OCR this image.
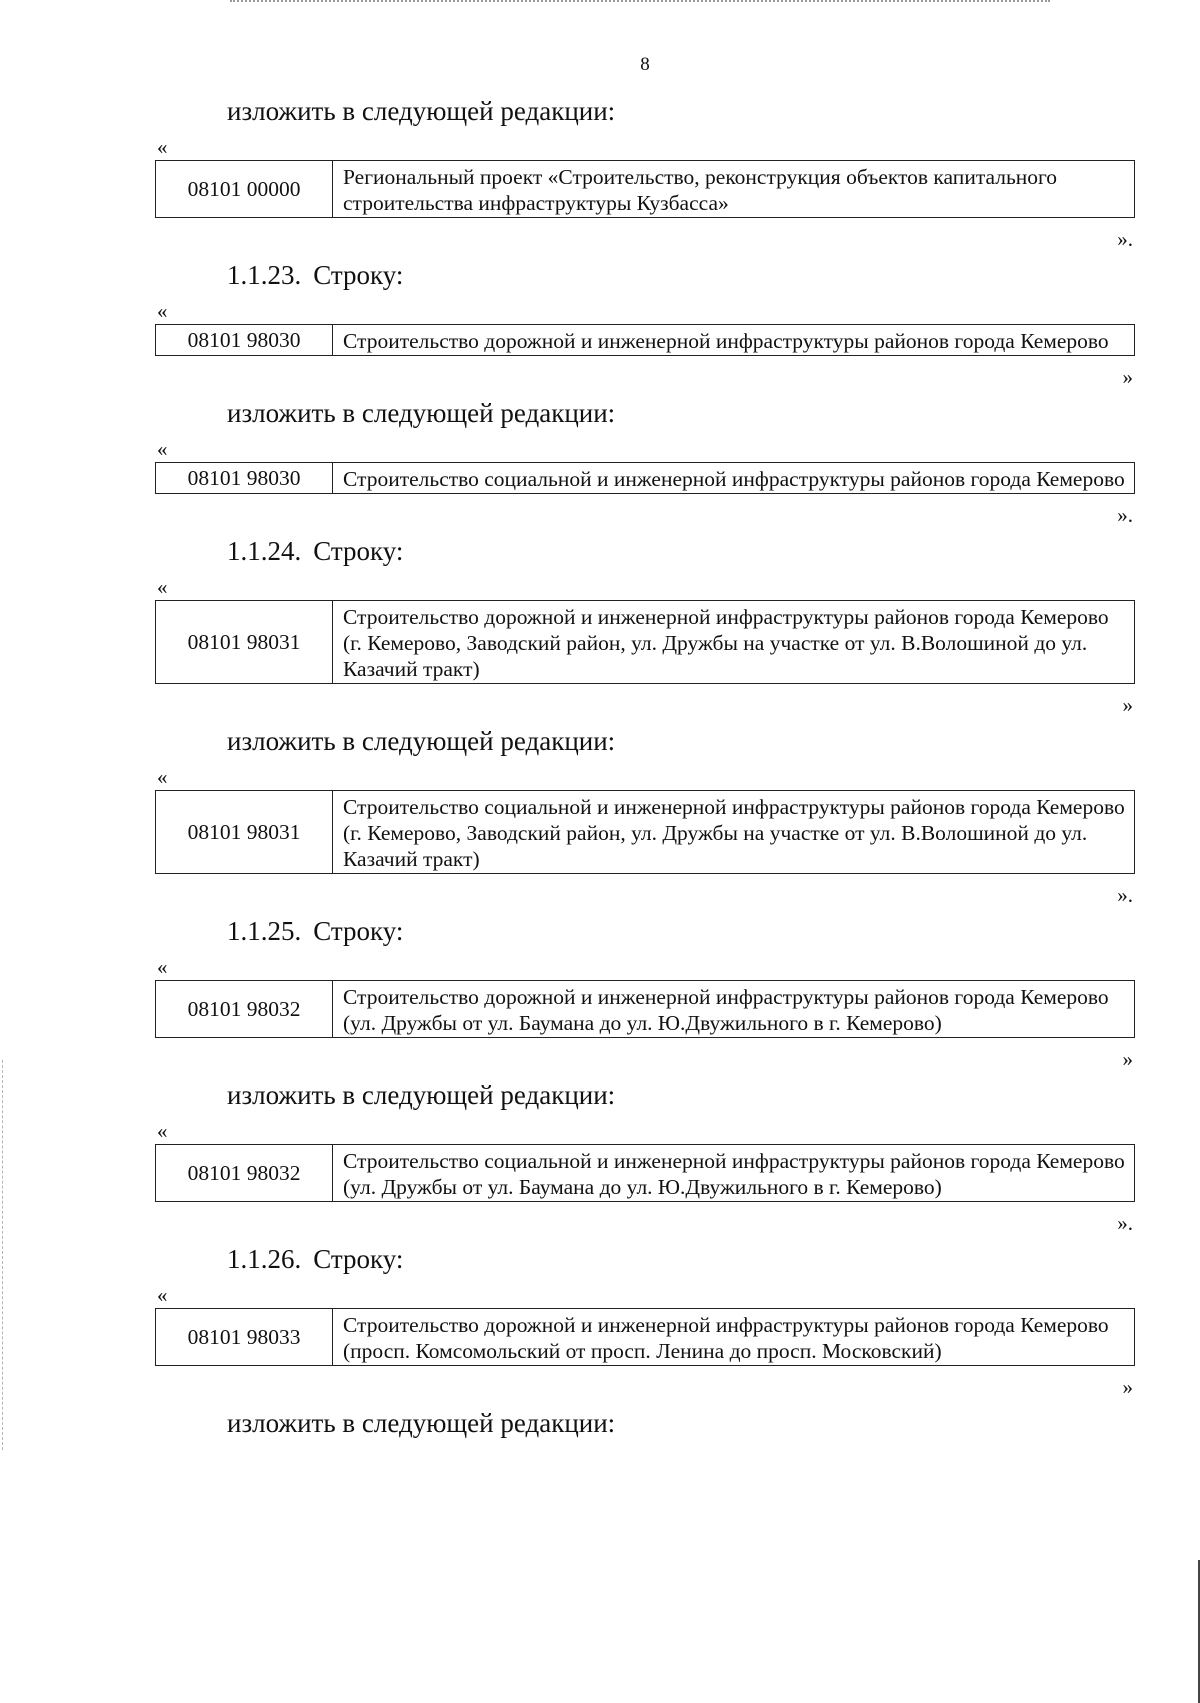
8
изложить в следующей редакции:
«
08101 00000	Региональный проект «Строительство, реконструкция объектов капитального строительства инфраструктуры Кузбасса»
».
1.1.23. Строку:
«
08101 98030	Строительство дорожной и инженерной инфраструктуры районов города Кемерово
»
изложить в следующей редакции:
«
08101 98030	Строительство социальной и инженерной инфраструктуры районов города Кемерово
».
1.1.24. Строку:
«
08101 98031	Строительство дорожной и инженерной инфраструктуры районов города Кемерово (г. Кемерово, Заводский район, ул. Дружбы на участке от ул. В.Волошиной до ул. Казачий тракт)
»
изложить в следующей редакции:
«
08101 98031	Строительство социальной и инженерной инфраструктуры районов города Кемерово (г. Кемерово, Заводский район, ул. Дружбы на участке от ул. В.Волошиной до ул. Казачий тракт)
».
1.1.25. Строку:
«
08101 98032	Строительство дорожной и инженерной инфраструктуры районов города Кемерово (ул. Дружбы от ул. Баумана до ул. Ю.Двужильного в г. Кемерово)
»
изложить в следующей редакции:
«
08101 98032	Строительство социальной и инженерной инфраструктуры районов города Кемерово (ул. Дружбы от ул. Баумана до ул. Ю.Двужильного в г. Кемерово)
».
1.1.26. Строку:
«
08101 98033	Строительство дорожной и инженерной инфраструктуры районов города Кемерово (просп. Комсомольский от просп. Ленина до просп. Московский)
»
изложить в следующей редакции:
